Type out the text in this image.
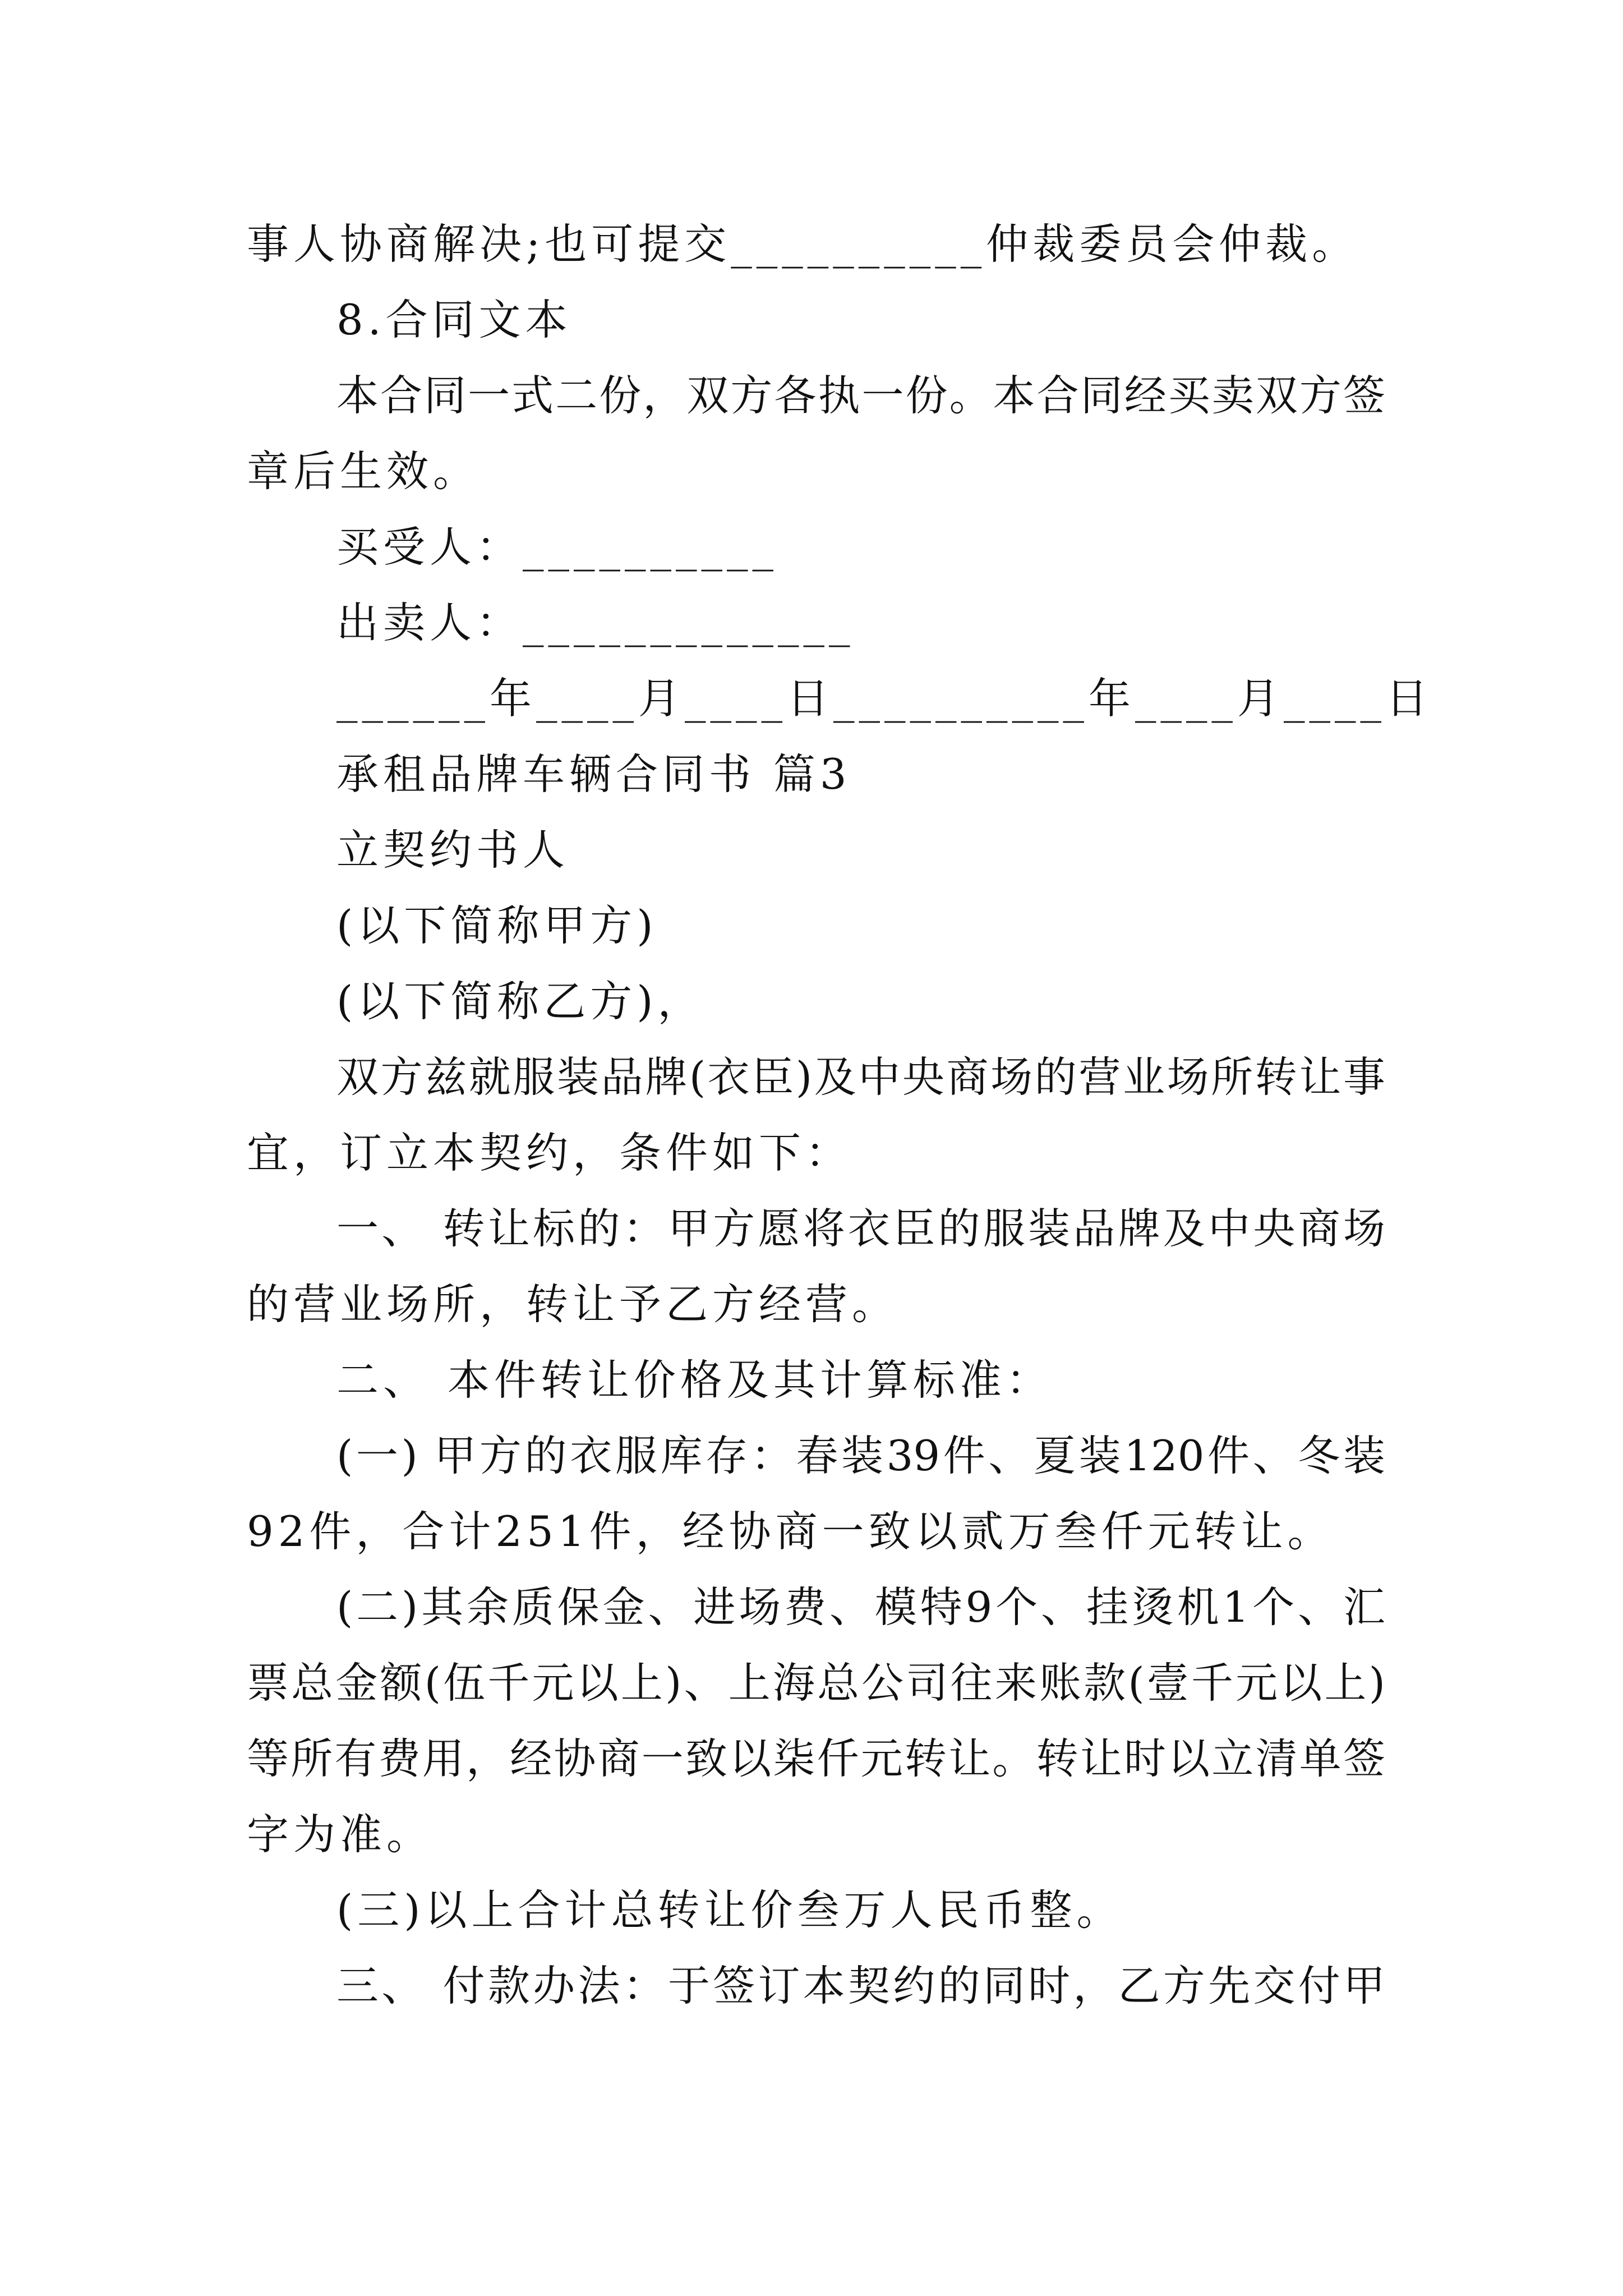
事人协商解决;也可提交__________仲裁委员会仲裁。
8.合同文本
本合同一式二份，双方各执一份。本合同经买卖双方签
章后生效。
买受人：__________
出卖人：_____________
______年____月____日__________年____月____日
承租品牌车辆合同书 篇3
立契约书人
(以下简称甲方)
(以下简称乙方)，
双方兹就服装品牌(衣臣)及中央商场的营业场所转让事
宜，订立本契约，条件如下：
一、 转让标的：甲方愿将衣臣的服装品牌及中央商场
的营业场所，转让予乙方经营。
二、 本件转让价格及其计算标准：
(一) 甲方的衣服库存：春装39件、夏装120件、冬装
92件，合计251件，经协商一致以贰万叁仟元转让。
(二)其余质保金、进场费、模特9个、挂烫机1个、汇
票总金额(伍千元以上)、上海总公司往来账款(壹千元以上)
等所有费用，经协商一致以柒仟元转让。转让时以立清单签
字为准。
(三)以上合计总转让价叁万人民币整。
三、 付款办法：于签订本契约的同时，乙方先交付甲
